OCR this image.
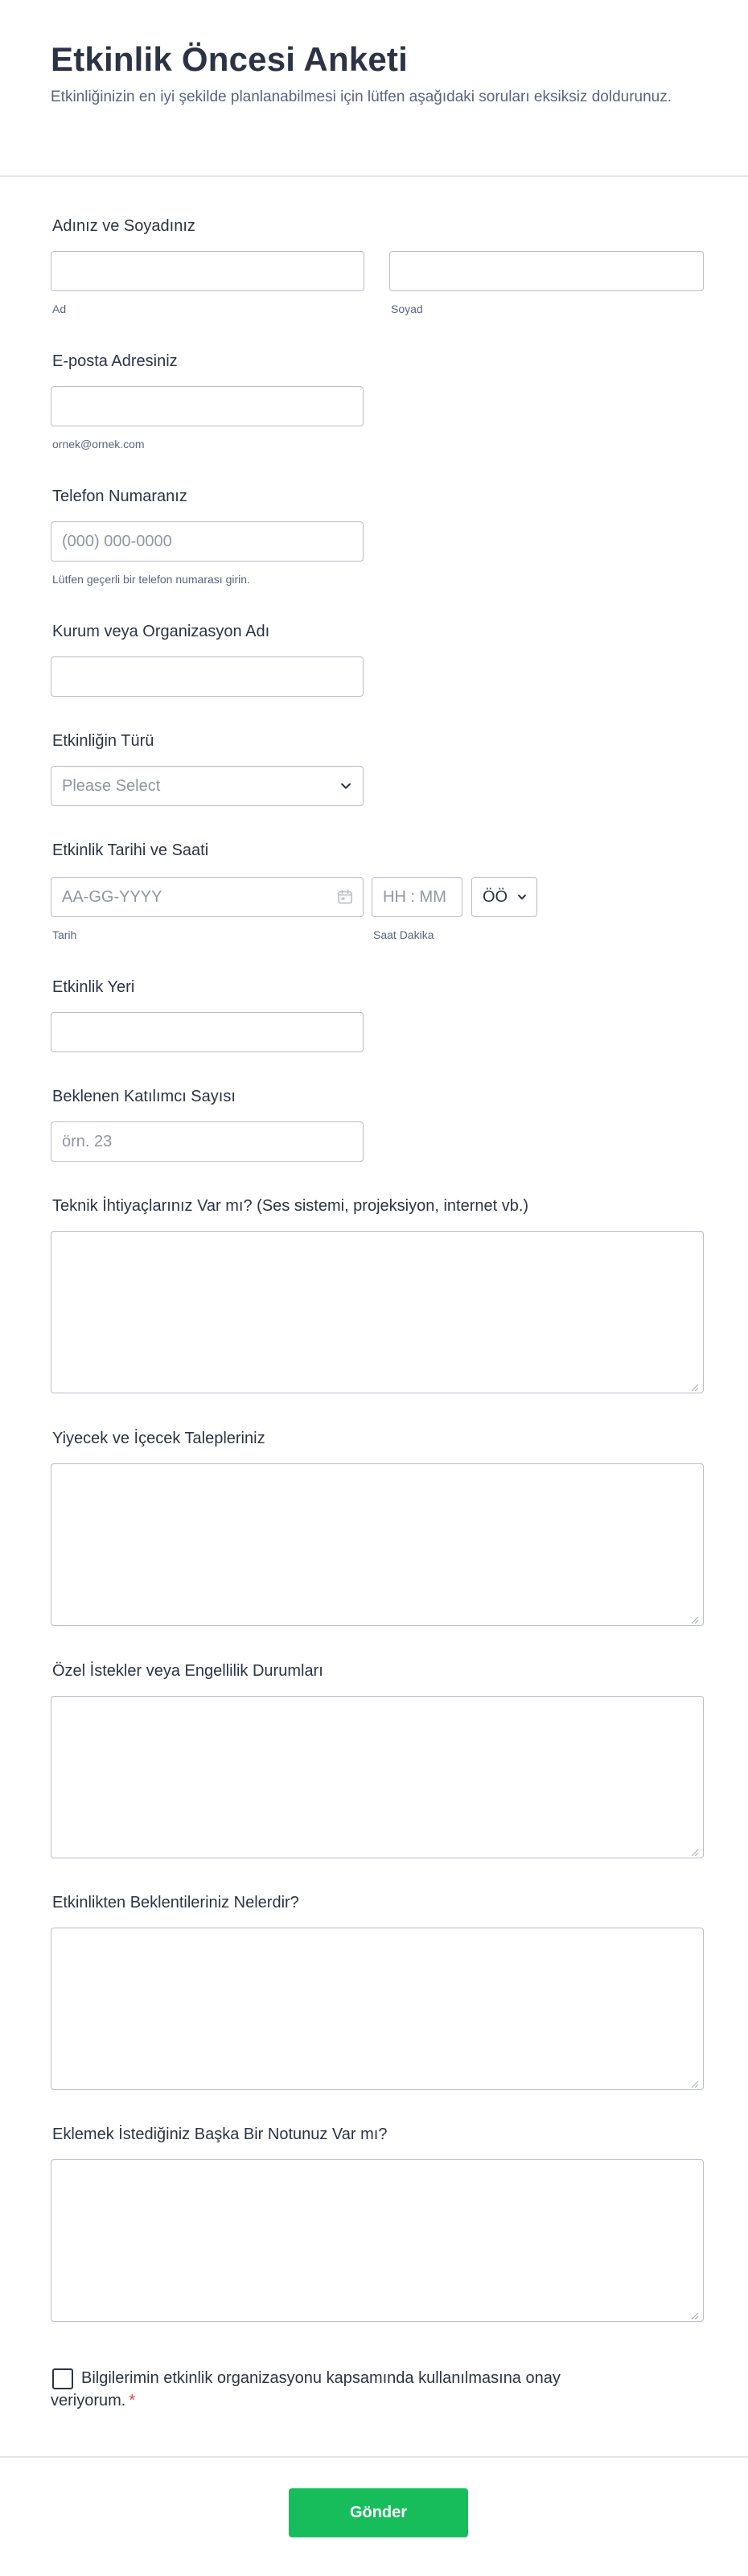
Etkinlik Öncesi Anketi

Etkinliğinizin en iyi şekilde planlanabilmesi için lütfen aşağıdaki soruları eksiksiz doldurunuz.

Adınız ve Soyadınız
Ad	Soyad
E-posta Adresiniz
ornek@ornek.com
Telefon Numaranız
(000) 000-0000
Lütfen geçerli bir telefon numarası girin.
Kurum veya Organizasyon Adı
Etkinliğin Türü
Please Select
Etkinlik Tarihi ve Saati
AA-GG-YYYY
HH : MM
ÖÖ
Tarih	Saat Dakika
Etkinlik Yeri
Beklenen Katılımcı Sayısı
örn. 23
Teknik İhtiyaçlarınız Var mı? (Ses sistemi, projeksiyon, internet vb.)
Yiyecek ve İçecek Talepleriniz
Özel İstekler veya Engellilik Durumları
Etkinlikten Beklentileriniz Nelerdir?
Eklemek İstediğiniz Başka Bir Notunuz Var mı?
Bilgilerimin etkinlik organizasyonu kapsamında kullanılmasına onay veriyorum. *
Gönder
